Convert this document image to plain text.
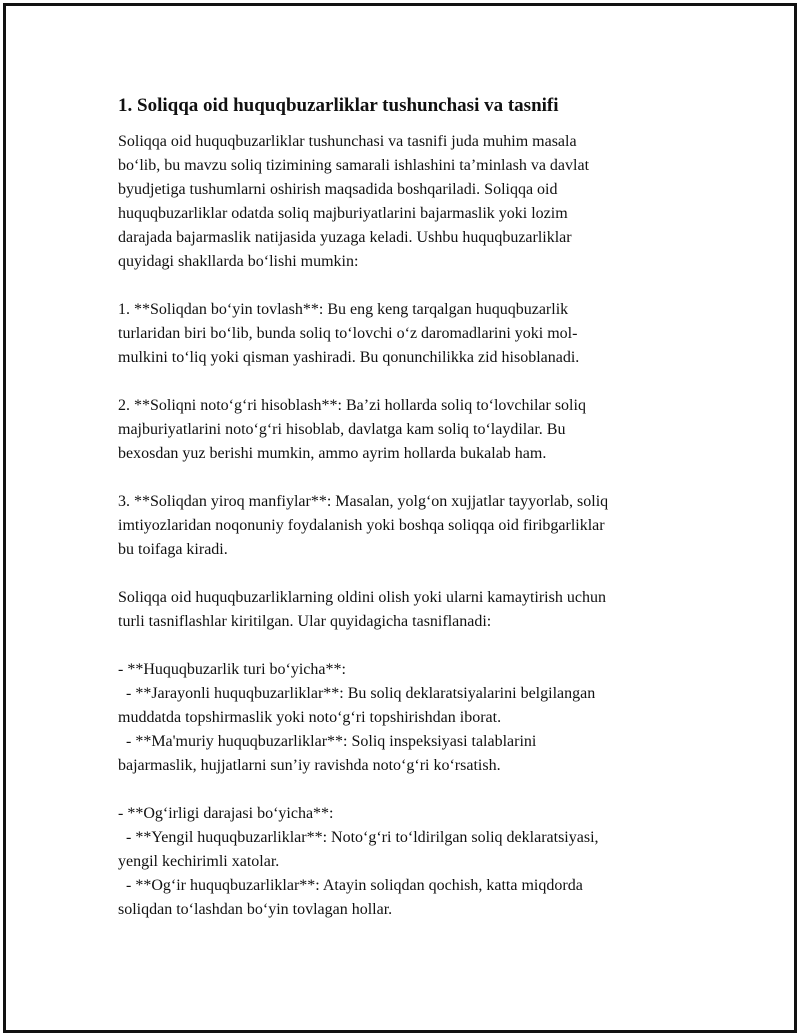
1. Soliqqa oid huquqbuzarliklar tushunchasi va tasnifi

Soliqqa oid huquqbuzarliklar tushunchasi va tasnifi juda muhim masala
bo‘lib, bu mavzu soliq tizimining samarali ishlashini ta’minlash va davlat
byudjetiga tushumlarni oshirish maqsadida boshqariladi. Soliqqa oid
huquqbuzarliklar odatda soliq majburiyatlarini bajarmaslik yoki lozim
darajada bajarmaslik natijasida yuzaga keladi. Ushbu huquqbuzarliklar
quyidagi shakllarda bo‘lishi mumkin:

1. **Soliqdan bo‘yin tovlash**: Bu eng keng tarqalgan huquqbuzarlik
turlaridan biri bo‘lib, bunda soliq to‘lovchi o‘z daromadlarini yoki mol-
mulkini to‘liq yoki qisman yashiradi. Bu qonunchilikka zid hisoblanadi.

2. **Soliqni noto‘g‘ri hisoblash**: Ba’zi hollarda soliq to‘lovchilar soliq
majburiyatlarini noto‘g‘ri hisoblab, davlatga kam soliq to‘laydilar. Bu
bexosdan yuz berishi mumkin, ammo ayrim hollarda bukalab ham.

3. **Soliqdan yiroq manfiylar**: Masalan, yolg‘on xujjatlar tayyorlab, soliq
imtiyozlaridan noqonuniy foydalanish yoki boshqa soliqqa oid firibgarliklar
bu toifaga kiradi.

Soliqqa oid huquqbuzarliklarning oldini olish yoki ularni kamaytirish uchun
turli tasniflashlar kiritilgan. Ular quyidagicha tasniflanadi:

- **Huquqbuzarlik turi bo‘yicha**:
- **Jarayonli huquqbuzarliklar**: Bu soliq deklaratsiyalarini belgilangan
muddatda topshirmaslik yoki noto‘g‘ri topshirishdan iborat.
- **Ma'muriy huquqbuzarliklar**: Soliq inspeksiyasi talablarini
bajarmaslik, hujjatlarni sun’iy ravishda noto‘g‘ri ko‘rsatish.

- **Og‘irligi darajasi bo‘yicha**:
- **Yengil huquqbuzarliklar**: Noto‘g‘ri to‘ldirilgan soliq deklaratsiyasi,
yengil kechirimli xatolar.
- **Og‘ir huquqbuzarliklar**: Atayin soliqdan qochish, katta miqdorda
soliqdan to‘lashdan bo‘yin tovlagan hollar.
